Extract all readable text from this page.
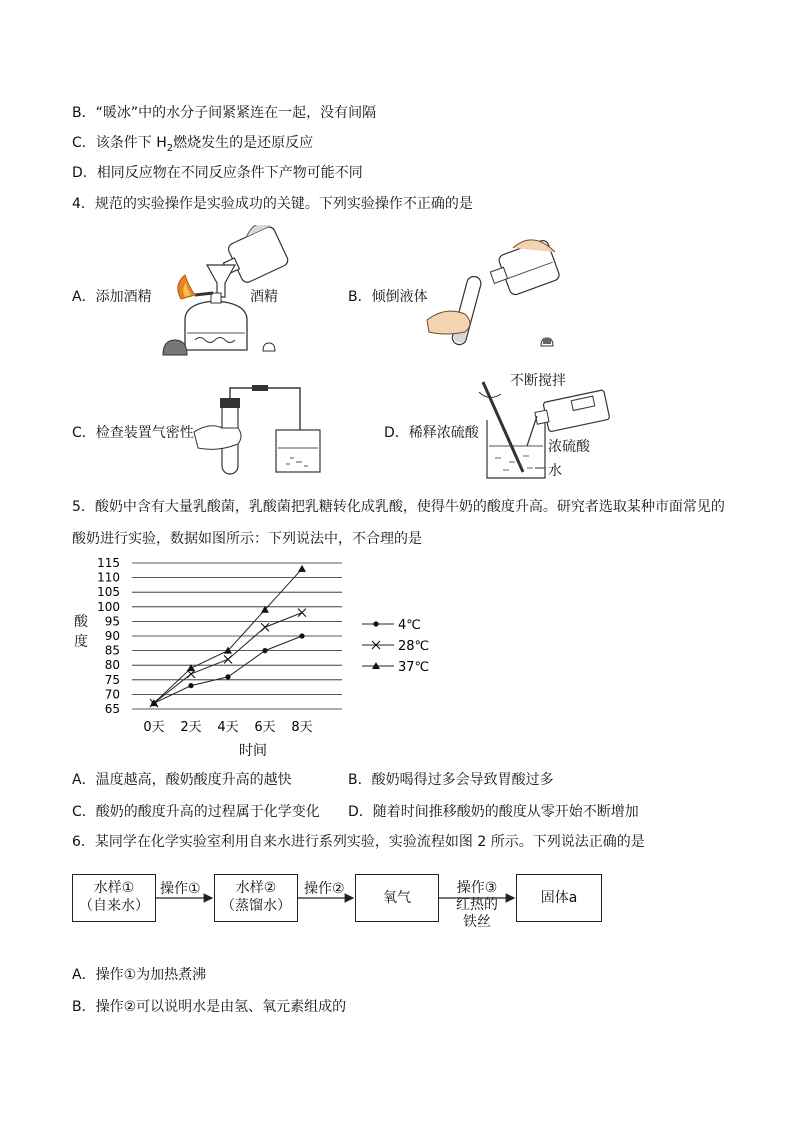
B．“暖冰”中的水分子间紧紧连在一起，没有间隔
C．该条件下 $H_2$燃烧发生的是还原反应
D．相同反应物在不同反应条件下产物可能不同
4．规范的实验操作是实验成功的关键。下列实验操作不正确的是
A．添加酒精	酒精	B．倾倒液体
C．检查装置气密性	D．稀释浓硫酸
不断搅拌
浓硫酸
水
5．酸奶中含有大量乳酸菌，乳酸菌把乳糖转化成乳酸，使得牛奶的酸度升高。研究者选取某种市面常见的
酸奶进行实验，数据如图所示：下列说法中，不合理的是
65
70
75
80
85
90
95
100
105
110
115
0天 2天 4天 6天 8天
时间
4℃
28℃
37℃
酸度
A．温度越高，酸奶酸度升高的越快	B．酸奶喝得过多会导致胃酸过多
C．酸奶的酸度升高的过程属于化学变化 D．随着时间推移酸奶的酸度从零开始不断增加
6．某同学在化学实验室利用自来水进行系列实验，实验流程如图 2 所示。下列说法正确的是
水样①
（自来水）
操作①	水样②
（蒸馏水）
操作②
氧气
操作③
红热的
铁丝
固体a
A．操作①为加热煮沸
B．操作②可以说明水是由氢、氧元素组成的
